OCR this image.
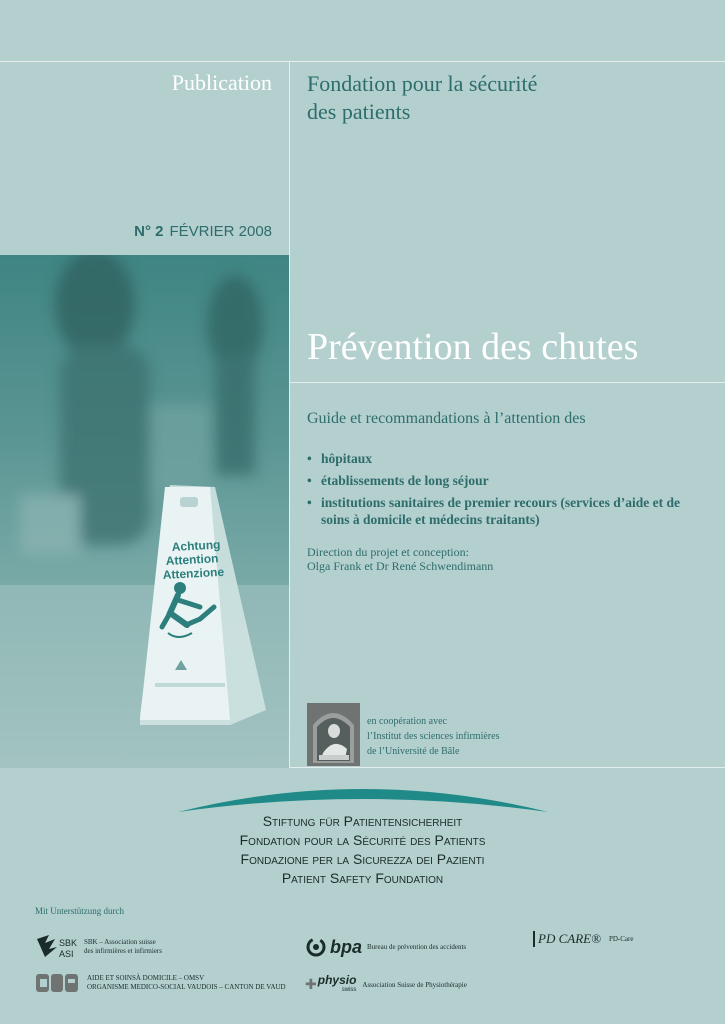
Publication Fondation pour la sécurité
des patients
N° 2 FÉVRIER 2008
Achtung
Attention
Attenzione
Prévention des chutes
Guide et recommandations à l’attention des
• hôpitaux
• établissements de long séjour
• institutions sanitaires de premier recours (services d’aide et de soins à domicile et médecins traitants)
Direction du projet et conception:
Olga Frank et Dr René Schwendimann
en coopération avec
l’Institut des sciences infirmières
de l’Université de Bâle
Stiftung für Patientensicherheit
Fondation pour la Sécurité des Patients
Fondazione per la Sicurezza dei Pazienti
Patient Safety Foundation
Mit Unterstützung durch
SBK
ASI
SBK – Association suisse
des infirmières et infirmiers	bpa Bureau de prévention des accidents
PD CARE® PD-Care
AIDE ET SOINSÀ DOMICILE – OMSV
ORGANISME MEDICO-SOCIAL VAUDOIS – CANTON DE VAUD ✚ physio
swiss
Association Suisse de Physiothérapie
